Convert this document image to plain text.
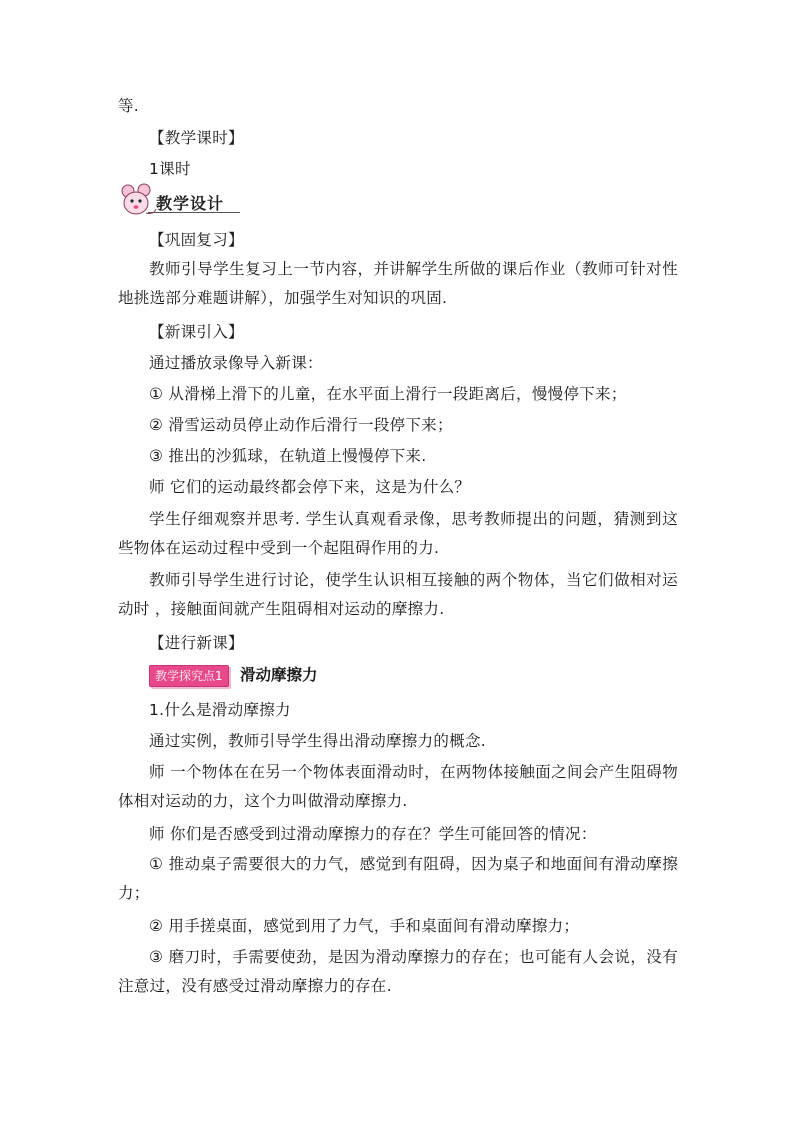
等.
【教学课时】
1课时
教学设计
【巩固复习】
教师引导学生复习上一节内容，并讲解学生所做的课后作业（教师可针对性地挑选部分难题讲解），加强学生对知识的巩固.
【新课引入】
通过播放录像导入新课：
① 从滑梯上滑下的儿童，在水平面上滑行一段距离后，慢慢停下来；
② 滑雪运动员停止动作后滑行一段停下来；
③ 推出的沙狐球，在轨道上慢慢停下来.
师 它们的运动最终都会停下来，这是为什么？
学生仔细观察并思考. 学生认真观看录像，思考教师提出的问题，猜测到这些物体在运动过程中受到一个起阻碍作用的力.
教师引导学生进行讨论，使学生认识相互接触的两个物体，当它们做相对运动时 ，接触面间就产生阻碍相对运动的摩擦力.
【进行新课】
教学探究点1	滑动摩擦力
1.什么是滑动摩擦力
通过实例，教师引导学生得出滑动摩擦力的概念.
师 一个物体在在另一个物体表面滑动时，在两物体接触面之间会产生阻碍物体相对运动的力，这个力叫做滑动摩擦力.
师 你们是否感受到过滑动摩擦力的存在？学生可能回答的情况：
① 推动桌子需要很大的力气，感觉到有阻碍，因为桌子和地面间有滑动摩擦力；
② 用手搓桌面，感觉到用了力气，手和桌面间有滑动摩擦力；
③ 磨刀时，手需要使劲，是因为滑动摩擦力的存在；也可能有人会说，没有注意过，没有感受过滑动摩擦力的存在.
